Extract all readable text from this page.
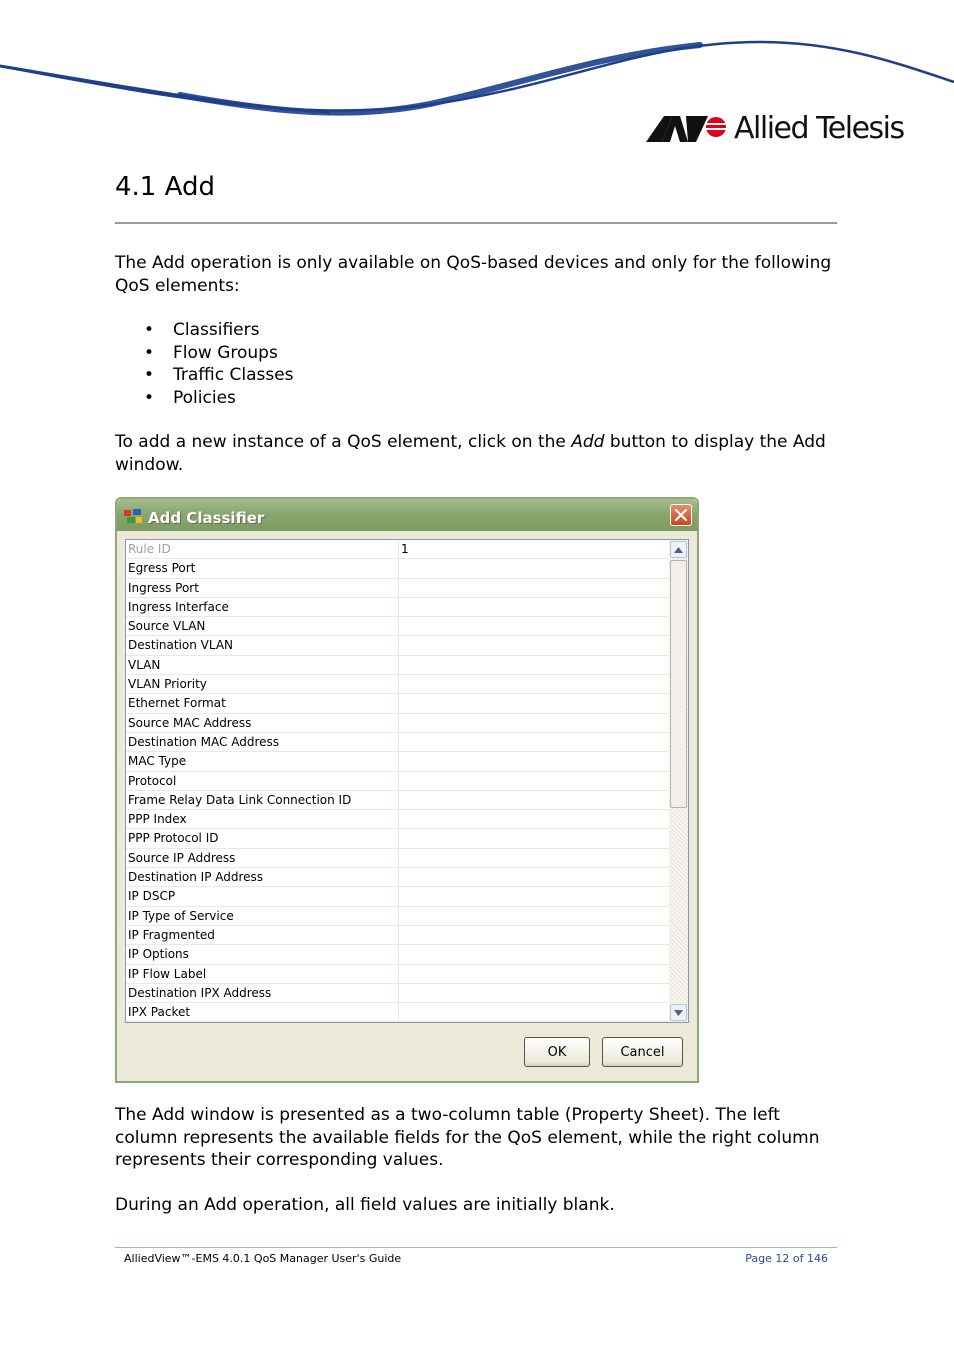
Allied Telesis
4.1 Add
The Add operation is only available on QoS-based devices and only for the following QoS elements:
• Classifiers
• Flow Groups
• Traffic Classes
• Policies
To add a new instance of a QoS element, click on the Add button to display the Add window.
Add Classifier
Rule ID	1
Egress Port
Ingress Port
Ingress Interface
Source VLAN
Destination VLAN
VLAN
VLAN Priority
Ethernet Format
Source MAC Address
Destination MAC Address
MAC Type
Protocol
Frame Relay Data Link Connection ID
PPP Index
PPP Protocol ID
Source IP Address
Destination IP Address
IP DSCP
IP Type of Service
IP Fragmented
IP Options
IP Flow Label
Destination IPX Address
IPX Packet
OK	Cancel
The Add window is presented as a two-column table (Property Sheet). The left column represents the available fields for the QoS element, while the right column represents their corresponding values.
During an Add operation, all field values are initially blank.
AlliedView™-EMS 4.0.1 QoS Manager User's Guide	Page 12 of 146
